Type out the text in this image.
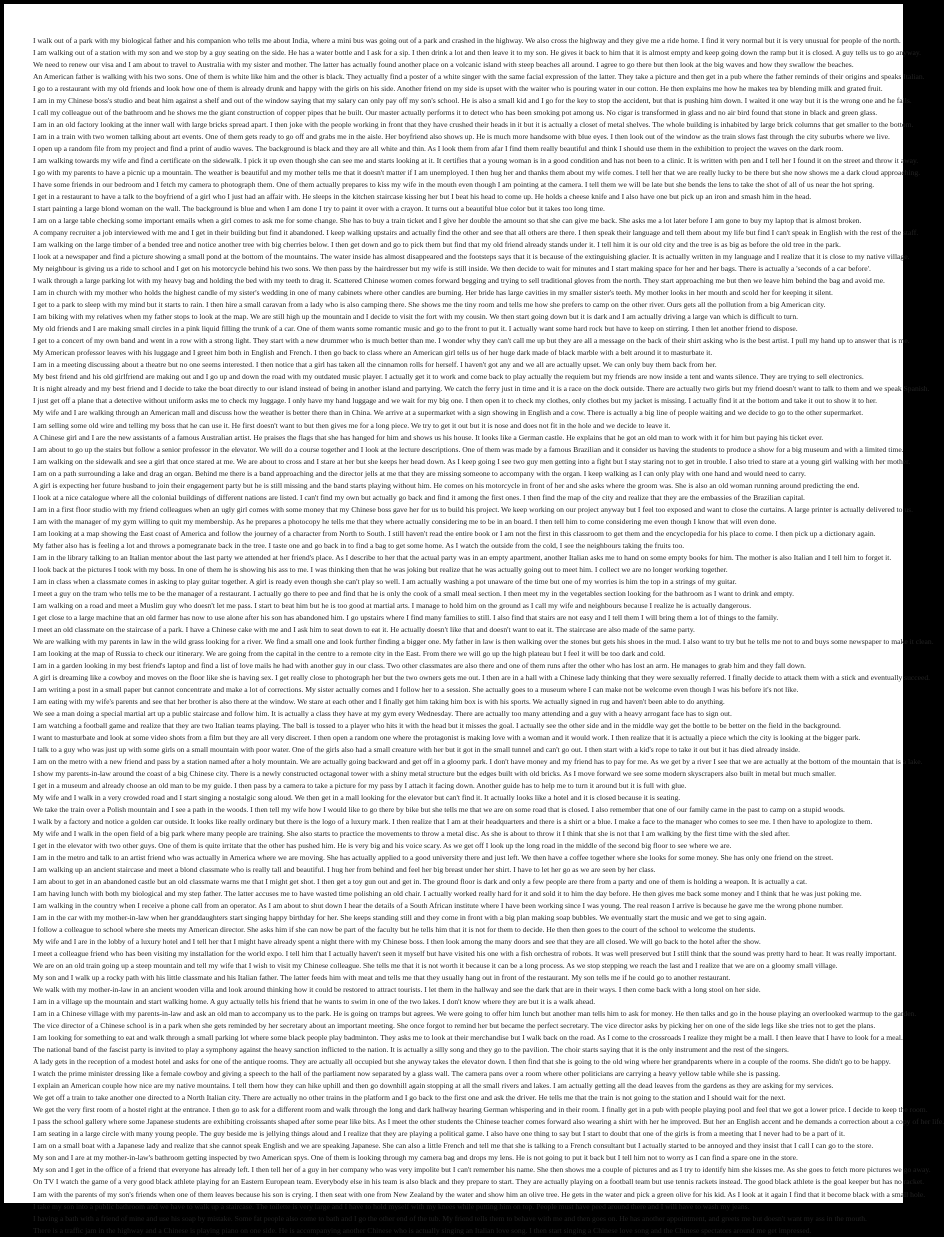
I walk out of a park with my biological father and his companion who tells me about India, where a mini bus was going out of a park and crashed in the highway. We also cross the highway and they give me a ride home. I find it very normal but it is very unusual for people of the north.
I am walking out of a station with my son and we stop by a guy seating on the side. He has a water bottle and I ask for a sip. I then drink a lot and then leave it to my son. He gives it back to him that it is almost empty and keep going down the ramp but it is closed. A guy tells us to go anyway.
We need to renew our visa and I am about to travel to Australia with my sister and mother. The latter has actually found another place on a volcanic island with steep beaches all around. I agree to go there but then look at the big waves and how they swallow the beaches.
An American father is walking with his two sons. One of them is white like him and the other is black. They actually find a poster of a white singer with the same facial expression of the latter. They take a picture and then get in a pub where the father reminds of their origins and speaks Italian.
I go to a restaurant with my old friends and look how one of them is already drunk and happy with the girls on his side. Another friend on my side is upset with the waiter who is pouring water in our cotton. He then explains me how he makes tea by blending milk and grated fruit.
I am in my Chinese boss's studio and beat him against a shelf and out of the window saying that my salary can only pay off my son's school. He is also a small kid and I go for the key to stop the accident, but that is pushing him down. I waited it one way but it is the wrong one and he falls.
I call my colleague out of the bathroom and he shows me the giant construction of copper pipes that he built. Our master actually performs it to detect who has been smoking pot among us. No cigar is transformed in glass and no air bird found that stone in black and green glass.
I am in an old factory looking at the inner wall with large bricks spread apart. I then joke with the people working in front that they have crushed their heads in it but it is actually a closet of metal shelves. The whole building is inhabited by large brick columns that get smaller to the bottom.
I am in a train with two women talking about art events. One of them gets ready to go off and grabs me in the aisle. Her boyfriend also shows up. He is much more handsome with blue eyes. I then look out of the window as the train slows fast through the city suburbs where we live.
I open up a random file from my project and find a print of audio waves. The background is black and they are all white and thin. As I look them from afar I find them really beautiful and think I should use them in the exhibition to project the waves on the dark room.
I am walking towards my wife and find a certificate on the sidewalk. I pick it up even though she can see me and starts looking at it. It certifies that a young woman is in a good condition and has not been to a clinic. It is written with pen and I tell her I found it on the street and throw it away.
I go with my parents to have a picnic up a mountain. The weather is beautiful and my mother tells me that it doesn't matter if I am unemployed. I then hug her and thanks them about my wife comes. I tell her that we are really lucky to be there but she now shows me a dark cloud approaching.
I have some friends in our bedroom and I fetch my camera to photograph them. One of them actually prepares to kiss my wife in the mouth even though I am pointing at the camera. I tell them we will be late but she bends the lens to take the shot of all of us near the hot spring.
I get in a restaurant to have a talk to the boyfriend of a girl who I just had an affair with. He sleeps in the kitchen staircase kissing her but I beat his head to come up. He holds a cheese knife and I also have one but pick up an iron and smash him in the head.
I start painting a large blond woman on the wall. The background is blue and when I am done I try to paint it over with a crayon. It turns out a beautiful blue color but it takes too long time.
I am on a large table checking some important emails when a girl comes to ask me for some change. She has to buy a train ticket and I give her double the amount so that she can give me back. She asks me a lot later before I am gone to buy my laptop that is almost broken.
A company recruiter a job interviewed with me and I get in their building but find it abandoned. I keep walking upstairs and actually find the other and see that all others are there. I then speak their language and tell them about my life but find I can't speak in English with the rest of the staff.
I am walking on the large timber of a bended tree and notice another tree with big cherries below. I then get down and go to pick them but find that my old friend already stands under it. I tell him it is our old city and the tree is as big as before the old tree in the park.
I look at a newspaper and find a picture showing a small pond at the bottom of the mountains. The water inside has almost disappeared and the footsteps says that it is because of the extinguishing glacier. It is actually written in my language and I realize that it is close to my native village.
My neighbour is giving us a ride to school and I get on his motorcycle behind his two sons. We then pass by the hairdresser but my wife is still inside. We then decide to wait for minutes and I start making space for her and her bags. There is actually a 'seconds of a car before'.
I walk through a large parking lot with my heavy bag and holding the bed with my teeth to drag it. Scattered Chinese women comes forward begging and trying to sell traditional gloves from the north. They start approaching me but then we leave him behind the bag and avoid me.
I am in church with my mother who holds the highest candle of my sister's wedding in one of many cabinets where other candles are burning. Her bride has large cavities in my smaller sister's teeth. My mother looks in her mouth and scold her for keeping it silent.
I get to a park to sleep with my mind but it starts to rain. I then hire a small caravan from a lady who is also camping there. She shows me the tiny room and tells me how she prefers to camp on the other river. Ours gets all the pollution from a big American city.
I am biking with my relatives when my father stops to look at the map. We are still high up the mountain and I decide to visit the fort with my cousin. We then start going down but it is dark and I am actually driving a large van which is difficult to turn.
My old friends and I are making small circles in a pink liquid filling the trunk of a car. One of them wants some romantic music and go to the front to put it. I actually want some hard rock but have to keep on stirring. I then let another friend to dispose.
I get to a concert of my own band and went in a row with a strong light. They start with a new drummer who is much better than me. I wonder why they can't call me up but they are all a message on the back of their shirt asking who is the best artist. I pull my hand up to answer that is me.
My American professor leaves with his luggage and I greet him both in English and French. I then go back to class where an American girl tells us of her huge dark made of black marble with a belt around it to masturbate it.
I am in a meeting discussing about a theatre but no one seems interested. I then notice that a girl has taken all the cinnamon rolls for herself. I haven't got any and we all are actually upset. We can only buy them back from her.
My best friend and his old girlfriend are making out and I go up and down the road with my outdated music player. I actually get it to work and come back to play actually the requiem but my friends are now inside a tent and wants silence. They are trying to sell electronics.
It is night already and my best friend and I decide to take the boat directly to our island instead of being in another island and partying. We catch the ferry just in time and it is a race on the dock outside. There are actually two girls but my friend doesn't want to talk to them and we speak Spanish.
I just get off a plane that a detective without uniform asks me to check my luggage. I only have my hand luggage and we wait for my big one. I then open it to check my clothes, only clothes but my jacket is missing. I actually find it at the bottom and take it out to show it to her.
My wife and I are walking through an American mall and discuss how the weather is better there than in China. We arrive at a supermarket with a sign showing in English and a cow. There is actually a big line of people waiting and we decide to go to the other supermarket.
I am selling some old wire and telling my boss that he can use it. He first doesn't want to but then gives me for a long piece. We try to get it out but it is nose and does not fit in the hole and we decide to leave it.
A Chinese girl and I are the new assistants of a famous Australian artist. He praises the flags that she has hanged for him and shows us his house. It looks like a German castle. He explains that he got an old man to work with it for him but paying his ticket ever.
I am about to go up the stairs but follow a senior professor in the elevator. We will do a course together and I look at the lecture descriptions. One of them was made by a famous Brazilian and it consider us having the students to produce a show for a big museum and with a limited time.
I am walking on the sidewalk and see a girl that once stared at me. We are about to cross and I stare at her but she keeps her head down. As I keep going I see two guy men getting into a fight but I stay staring not to get in trouble. I also tried to stare at a young girl walking with her mother.
I am on a path surrounding a lake and drag an organ. Behind me there is a band approaching and the director jells at me that they are missing someone to accompany with the organ. I keep walking as I can only play with one hand and would need to carry.
A girl is expecting her future husband to join their engagement party but he is still missing and the band starts playing without him. He comes on his motorcycle in front of her and she asks where the groom was. She is also an old woman running around predicting the end.
I look at a nice catalogue where all the colonial buildings of different nations are listed. I can't find my own but actually go back and find it among the first ones. I then find the map of the city and realize that they are the embassies of the Brazilian capital.
I am in a first floor studio with my friend colleagues when an ugly girl comes with some money that my Chinese boss gave her for us to build his project. We keep working on our project anyway but I feel too exposed and want to close the curtains. A large printer is actually delivered to us.
I am with the manager of my gym willing to quit my membership. As he prepares a photocopy he tells me that they where actually considering me to be in an board. I then tell him to come considering me even though I know that will even done.
I am looking at a map showing the East coast of America and follow the journey of a character from North to South. I still haven't read the entire book or I am not the first in this classroom to get them and the encyclopedia for his place to come. I then pick up a dictionary again.
My father also has is feeling a lot and throws a pomegranate back in the tree. I taste one and go back in to find a bag to get some home. As I watch the outside from the cold, I see the neighbours taking the fruits too.
I am in the library talking to an Italian mentor about the last party we attended at her friend's place. As I describe to her that the actual party was in an empty apartment, another Italian asks me to hand on some empty books for him. The mother is also Italian and I tell him to forget it.
I look back at the pictures I took with my boss. In one of them he is showing his ass to me. I was thinking then that he was joking but realize that he was actually going out to meet him. I collect we are no longer working together.
I am in class when a classmate comes in asking to play guitar together. A girl is ready even though she can't play so well. I am actually washing a pot unaware of the time but one of my worries is him the top in a strings of my guitar.
I meet a guy on the tram who tells me to be the manager of a restaurant. I actually go there to pee and find that he is only the cook of a small meal section. I then meet my in the vegetables section looking for the bathroom as I want to drink and empty.
I am walking on a road and meet a Muslim guy who doesn't let me pass. I start to beat him but he is too good at martial arts. I manage to hold him on the ground as I call my wife and neighbours because I realize he is actually dangerous.
I get close to a large machine that an old farmer has now to use alone after his son has abandoned him. I go upstairs where I find many families to still. I also find that stairs are not easy and I tell them I will bring them a lot of things to the family.
I meet an old classmate on the staircase of a park. I have a Chinese cake with me and I ask him to seat down to eat it. He actually doesn't like that and doesn't want to eat it. The staircase are also made of the same party.
We are walking with my parents in law in the wild grass looking for a river. We find a small one and look further finding a bigger one. My father in law is then walking over the stones but gets his shoes in the mud. I also want to try but he tells me not to and buys some newspaper to make it clean.
I am looking at the map of Russia to check our itinerary. We are going from the capital in the centre to a remote city in the East. From there we will go up the high plateau but I feel it will be too dark and cold.
I am in a garden looking in my best friend's laptop and find a list of love mails he had with another guy in our class. Two other classmates are also there and one of them runs after the other who has lost an arm. He manages to grab him and they fall down.
A girl is dreaming like a cowboy and moves on the floor like she is having sex. I get really close to photograph her but the two owners gets me out. I then are in a hall with a Chinese lady thinking that they were sexually referred. I finally decide to attack them with a stick and eventually succeed.
I am writing a post in a small paper but cannot concentrate and make a lot of corrections. My sister actually comes and I follow her to a session. She actually goes to a museum where I can make not be welcome even though I was his before it's not like.
I am eating with my wife's parents and see that her brother is also there at the window. We stare at each other and I finally get him taking him box is with his sports. We actually signed in rug and haven't been able to do anything.
We see a man doing a special martial art up a public staircase and follow him. It is actually a class they have at my gym every Wednesday. There are actually too many attending and a guy with a heavy arrogant face has to sign out.
I am watching a football game and realize that they are two Italian teams playing. The ball is tossed to a player who hits it with the head but it misses the goal. I actually see the other side and in the middle way get the bottle to be better on the field in the background.
I want to masturbate and look at some video shots from a film but they are all very discreet. I then open a random one where the protagonist is making love with a woman and it would work. I then realize that it is actually a piece which the city is looking at the bigger park.
I talk to a guy who was just up with some girls on a small mountain with poor water. One of the girls also had a small creature with her but it got in the small tunnel and can't go out. I then start with a kid's rope to take it out but it has died already inside.
I am on the metro with a new friend and pass by a station named after a holy mountain. We are actually going backward and get off in a gloomy park. I don't have money and my friend has to pay for me. As we get by a river I see that we are actually at the bottom of the mountain that is a lake.
I show my parents-in-law around the coast of a big Chinese city. There is a newly constructed octagonal tower with a shiny metal structure but the edges built with old bricks. As I move forward we see some modern skyscrapers also built in metal but much smaller.
I get in a museum and already choose an old man to be my guide. I then pass by a camera to take a picture for my pass by I attach it facing down. Another guide has to help me to turn it around but it is full with glue.
My wife and I walk in a very crowded road and I start singing a nostalgic song aloud. We then get in a mall looking for the elevator but can't find it. It actually looks like a hotel and it is closed because it is seating.
We take the train over a Polish mountain and I see a path in the woods. I then tell my wife how I would like to go there by bike but she tells me that we are on some road that is closed. I also remember that one of our family came in the past to camp on a stupid woods.
I walk by a factory and notice a golden car outside. It looks like really ordinary but there is the logo of a luxury mark. I then realize that I am at their headquarters and there is a shirt or a blue. I make a face to the manager who comes to see me. I then have to apologize to them.
My wife and I walk in the open field of a big park where many people are training. She also starts to practice the movements to throw a metal disc. As she is about to throw it I think that she is not that I am walking by the first time with the sled after.
I get in the elevator with two other guys. One of them is quite irritate that the other has pushed him. He is very big and his voice scary. As we get off I look up the long road in the middle of the second big floor to see where we are.
I am in the metro and talk to an artist friend who was actually in America where we are moving. She has actually applied to a good university there and just left. We then have a coffee together where she looks for some money. She has only one friend on the street.
I am walking up an ancient staircase and meet a blond classmate who is really tall and beautiful. I hug her from behind and feel her big breast under her shirt. I have to let her go as we are seen by her class.
I am about to get in an abandoned castle but an old classmate warns me that I might get shot. I then get a toy gun out and get in. The ground floor is dark and only a few people are there from a party and one of them is holding a weapon. It is actually a cat.
I am having lunch with both my biological and my step father. The latter accuses me to have wasted time polishing an old chair. I actually worked really hard for it and sold it to him the day before. He then gives me back some money and I think that he was just poking me.
I am walking in the country when I receive a phone call from an operator. As I am about to shut down I hear the details of a South African institute where I have been working since I was young. The real reason I arrive is because he gave me the wrong phone number.
I am in the car with my mother-in-law when her granddaughters start singing happy birthday for her. She keeps standing still and they come in front with a big plan making soap bubbles. We eventually start the music and we get to sing again.
I follow a colleague to school where she meets my American director. She asks him if she can now be part of the faculty but he tells him that it is not for them to decide. He then then goes to the court of the school to welcome the students.
My wife and I are in the lobby of a luxury hotel and I tell her that I might have already spent a night there with my Chinese boss. I then look among the many doors and see that they are all closed. We will go back to the hotel after the show.
I meet a colleague friend who has been visiting my installation for the world expo. I tell him that I actually haven't seen it myself but have visited his one with a fish orchestra of robots. It was well preserved but I still think that the sound was pretty hard to hear. It was really important.
We are on an old train going up a steep mountain and tell my wife that I wish to visit my Chinese colleague. She tells me that it is not worth it because it can be a long process. As we stop stepping we reach the last and I realize that we are on a gloomy small village.
My son and I walk up a rocky path with his little classmate and his Italian father. The latter feeds him with meat and tells me that they usually hang out in front of the restaurant. My son tells me if he could go to another restaurant.
We walk with my mother-in-law in an ancient wooden villa and look around thinking how it could be restored to attract tourists. I let them in the hallway and see the dark that are in their ways. I then come back with a long stool on her side.
I am in a village up the mountain and start walking home. A guy actually tells his friend that he wants to swim in one of the two lakes. I don't know where they are but it is a walk ahead.
I am in a Chinese village with my parents-in-law and ask an old man to accompany us to the park. He is going on tramps but agrees. We were going to offer him lunch but another man tells him to ask for money. He then talks and go in the house playing an overlooked warmup to the garden.
The vice director of a Chinese school is in a park when she gets reminded by her secretary about an important meeting. She once forgot to remind her but became the perfect secretary. The vice director asks by picking her on one of the side legs like she tries not to get the plans.
I am looking for something to eat and walk through a small parking lot where some black people play badminton. They asks me to look at their merchandise but I walk back on the road. As I come to the crossroads I realize they might be a mall. I then leave that I have to look for a meal.
The national band of the fascist party is invited to play a symphony against the heavy sanction inflicted to the nation. It is actually a silly song and they go to the pavilion. The choir starts saying that it is the only instrument and the rest of the singers.
A lady gets in the reception of a modest hotel and asks for one of the antique rooms. They are actually all occupied but she anyway takes the elevator down. I then find that she is going to the old wing where her grandparents where in a couple of the rooms. She didn't go to be happy.
I watch the prime minister dressing like a female cowboy and giving a speech to the hall of the parliament now separated by a glass wall. The camera pans over a room where other politicians are carrying a heavy yellow table while she is passing.
I explain an American couple how nice are my native mountains. I tell them how they can hike uphill and then go downhill again stopping at all the small rivers and lakes. I am actually getting all the dead leaves from the gardens as they are asking for my services.
We get off a train to take another one directed to a North Italian city. There are actually no other trains in the platform and I go back to the first one and ask the driver. He tells me that the train is not going to the station and I should wait for the next.
We get the very first room of a hostel right at the entrance. I then go to ask for a different room and walk through the long and dark hallway hearing German whispering and in their room. I finally get in a pub with people playing pool and feel that we got a lower price. I decide to keep the room.
I pass the school gallery where some Japanese students are exhibiting croissants shaped after some pear like bits. As I meet the other students the Chinese teacher comes forward also wearing a shirt with her he improved. But her an English accent and he demands a correction about a copy of her life.
I am seating in a large circle with many young people. The guy beside me is jellying things aloud and I realize that they are playing a political game. I also have one thing to say but I start to doubt that one of the girls is from a meeting that I never had to be a part of it.
I am on a small boat with a Japanese lady and realize that she cannot speak English and we are speaking Japanese. She can also a little French and tell me that she is talking to a French consultant but I actually started to be annoyed and they insist that I call I can go to the store.
My son and I are at my mother-in-law's bathroom getting inspected by two American spys. One of them is looking through my camera bag and drops my lens. He is not going to put it back but I tell him not to worry as I can find a spare one in the store.
My son and I get in the office of a friend that everyone has already left. I then tell her of a guy in her company who was very impolite but I can't remember his name. She then shows me a couple of pictures and as I try to identify him she kisses me. As she goes to fetch more pictures we go away.
On TV I watch the game of a very good black athlete playing for an Eastern European team. Everybody else in his team is also black and they prepare to start. They are actually playing on a football team but use tennis rackets instead. The good black athlete is the goal keeper but has no racket.
I am with the parents of my son's friends when one of them leaves because his son is crying. I then seat with one from New Zealand by the water and show him an olive tree. He gets in the water and pick a green olive for his kid. As I look at it again I find that it become black with a small hole.
I take my son into a public bathroom and we have to walk up a staircase. The toilette is very large and I have to hold myself with my knees while putting him on top. People must have peed around there and I will have to wash my jeans.
I having a bath with a friend of mine and use his soap by mistake. Some fat people also come to bath and I go the other end of the tub. My friend tells them to behave with me and then goes on. He has another appointment, and greets me but doesn't want my ass in the mouth.
There is a traffic jam in the highway and a Chinese is playing piano on one side. He is accompanying another Chinese who is actually singing an Italian love song. I then start singing a Chinese love song and the Chinese spectators around me get impressed.
